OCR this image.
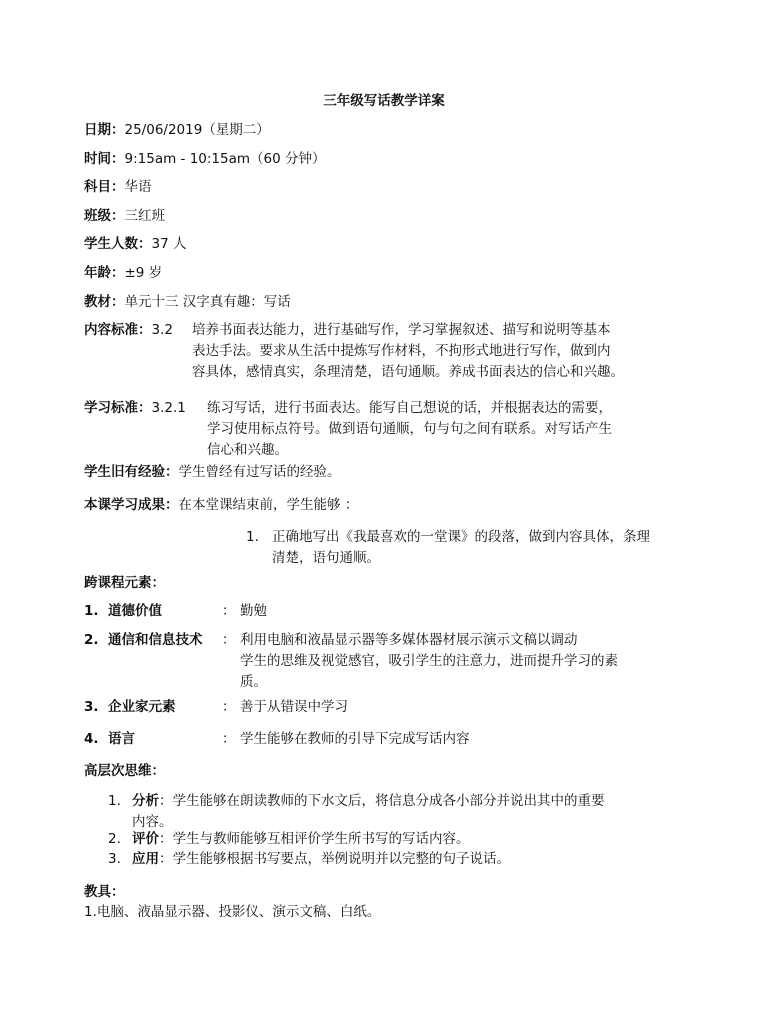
三年级写话教学详案
日期：25/06/2019（星期二）
时间：9:15am - 10:15am（60 分钟）
科目：华语
班级：三红班
学生人数：37 人
年龄：±9 岁
教材：单元十三 汉字真有趣：写话
内容标准：3.2 培养书面表达能力，进行基础写作，学习掌握叙述、描写和说明等基本
表达手法。要求从生活中提炼写作材料，不拘形式地进行写作，做到内
容具体，感情真实，条理清楚，语句通顺。养成书面表达的信心和兴趣。
学习标准：3.2.1 练习写话，进行书面表达。能写自己想说的话，并根据表达的需要，
学习使用标点符号。做到语句通顺，句与句之间有联系。对写话产生
信心和兴趣。
学生旧有经验：学生曾经有过写话的经验。
本课学习成果：在本堂课结束前，学生能够 ：
1. 正确地写出《我最喜欢的一堂课》的段落，做到内容具体，条理
清楚，语句通顺。
跨课程元素：
1. 道德价值	： 勤勉
2. 通信和信息技术 ： 利用电脑和液晶显示器等多媒体器材展示演示文稿以调动
学生的思维及视觉感官，吸引学生的注意力，进而提升学习的素
质。
3. 企业家元素	： 善于从错误中学习
4. 语言	： 学生能够在教师的引导下完成写话内容
高层次思维：
1. 分析：学生能够在朗读教师的下水文后，将信息分成各小部分并说出其中的重要
内容。
2. 评价：学生与教师能够互相评价学生所书写的写话内容。
3. 应用：学生能够根据书写要点，举例说明并以完整的句子说话。
教具：
1.电脑、液晶显示器、投影仪、演示文稿、白纸。
